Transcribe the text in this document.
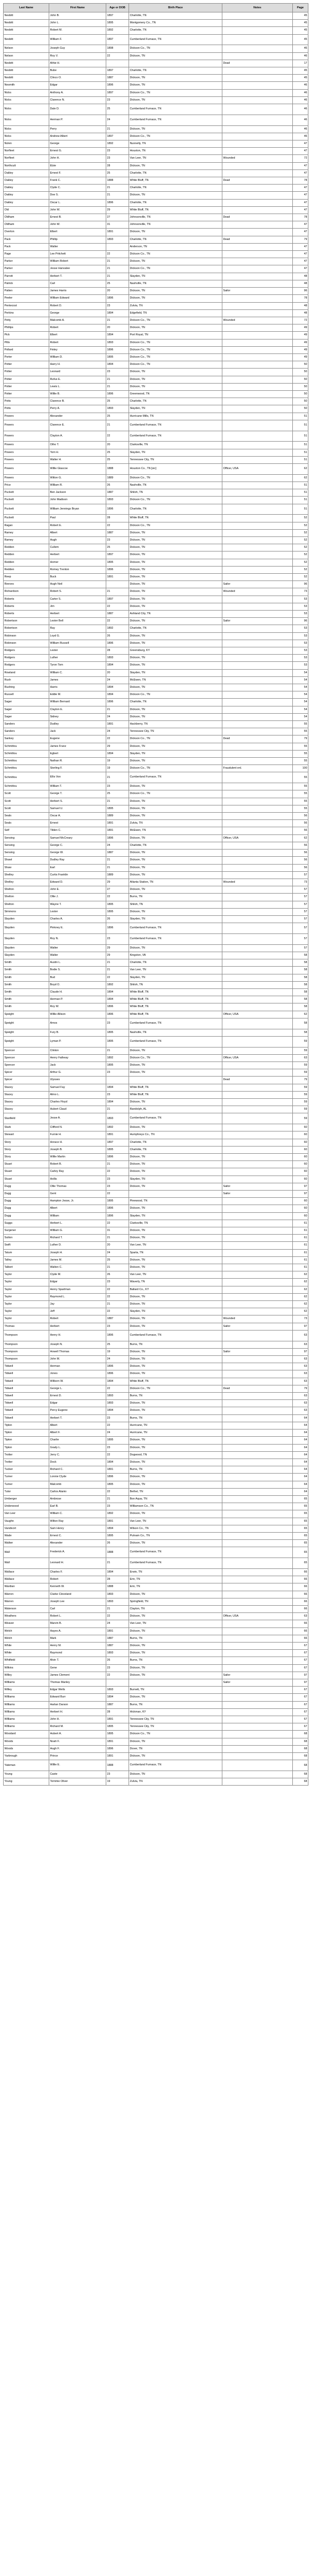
Last Name	First Name	Age or DOB	Birth Place	Notes	Page
Nesbitt	John B.	1897	Charlotte, TN		45
Nesbitt	John L.	1895	Montgomery Co., TN		45
Nesbitt	Robert M.	1892	Charlotte, TN		45
Nesbitt	William F.	1897	Cumberland Furnace, TN		45
Nelson	Joseph Guy	1898	Dickson Co., TN		46
Nelson	Roy V.	22	Dickson, TN		46
Nesbitt	Athie H.			Dead	17
Nesbitt	Bube	1897	Charlotte, TN		45
Nesbitt	Clinco O.	1887	Dickson, TN		45
Nesmith	Edgar	1896	Dickson, TN		46
Nicks	Anthony A.	1897	Dickson Co., TN		46
Nicks	Clarence N.	23	Dickson, TN		46
Nicks	Dale D.	25	Cumberland Furnace, TN		46
Nicks	Herman P.	24	Cumberland Furnace, TN		46
Nicks	Perry	21	Dickson, TN		46
Nicks	Andrew Albert	1897	Dickson Co., TN		46
Nolen	George	1892	Nunnelly, TN		47
Norfleet	Ernest G.	23	Houston, TN		47
Norfleet	John H.	23	Van Leer, TN	Wounded	72
Northcutt	Elzie	28	Dickson, TN		47
Oakley	Ernest F.	25	Charlotte, TN		47
Oakley	Frank C.	1888	White Bluff, TN	Dead	78
Oakley	Clyde C.	21	Charlotte, TN		47
Oakley	Doe S.	21	Dickson, TN		47
Oakley	Oscar L.	1896	Charlotte, TN		47
Old	John W.	29	White Bluff, TN		47
Oldham	Ernest B.	27	Johnsonville, TN	Dead	78
Oldham	John W.	31	Johnsonville, TN		47
Overton	Elbert	1891	Dickson, TN		47
Pack	Phillip	1893	Charlotte, TN	Dead	79
Pack	Walter		Anderson, TN		47
Page	Lee Pritchett	22	Dickson Co., TN		47
Parker	William Robert	21	Dickson, TN		47
Parker	Jesse Hanvalee	21	Dickson Co., TN		47
Parrott	Herbert T.	21	Slayden, TN		48
Patrick	Carl	25	Nashville, TN		48
Patten	James Harris	20	Dickson, TN	Sailor	96
Peeler	William Edward	1896	Dickson, TN		78
Pentecost	Robert D.	23	Zulvia, TN		48
Perkins	George	1894	Edgefield, TN		48
Petty	Malcomb A.	21	Dickson Co., TN	Wounded	72
Phillips	Robert	20	Dickson, TN		49
Pick	Elbert	1894	Port Royal, TN		49
Pitts	Robert	1893	Dickson Co., TN		49
Pollard	Finley	1896	Dickson Co., TN		49
Porter	William D.	1895	Dickson Co., TN		49
Potter	Harry H.	1894	Dickson Co., TN		50
Potter	Leonard	23	Dickson, TN		50
Potter	Rufus E.	21	Dickson, TN		50
Potter	Lewis L.	21	Dickson, TN		50
Potter	Willie B.	1896	Greenwood, TN		50
Potts	Clarence B.	25	Charlotte, TN		50
Potts	Perry A.	1893	Slayden, TN		50
Powers	Alexander	25	Hurricane Mills, TN		51
Powers	Clarence E.	21	Cumberland Furnace, TN		51
Powers	Clayton A.	22	Cumberland Furnace, TN		51
Powers	Otho T.	20	Clarksville, TN		51
Powers	Tom H.	25	Slayden, TN		51
Powers	Walter H.	25	Tennessee City, TN		51
Powers	Willie Glascoe	1888	Houston Co., TN [sic]	Officer, USA	62
Powers	Witton G.	1889	Dickson Co., TN		62
Price	William R.	26	Nashville, TN		51
Puckett	Ben Jackson	1887	Shiloh, TN		51
Puckett	John Madison	1893	Dickson Co., TN		51
Puckett	William Jennings Bryan	1896	Charlotte, TN		51
Puckett	Paul	28	White Bluff, TN		52
Ragan	Robert E.	22	Dickson Co., TN		52
Ramey	Albert	1887	Dickson, TN		52
Ramey	Hugh	23	Dickson, TN		52
Redden	Cullem	25	Dickson, TN		52
Redden	Herbert	1897	Dickson, TN		52
Redden	Homer	1895	Dickson, TN		52
Redden	Romey Trenton	1896	Dickson, TN		52
Reep	Buck	1891	Dickson, TN		52
Reeves	Hugh Neil		Dickson, TN	Sailor	96
Richardson	Robert S.	21	Dickson, TN	Wounded	73
Roberts	Carter S.	1897	Dickson, TN		53
Roberts	Jim	22	Dickson, TN		53
Roberts	Herbert	1887	Ashland City, TN		53
Robertson	Lester Bell	22	Dickson, TN	Sailor	96
Robertson	Ray	1892	Charlotte, TN		53
Robinson	Loyd G.	26	Dickson, TN		53
Robinson	William Russell	1896	Dickson, TN		53
Rodgers	Lester	28	Greensburg, KY		53
Rodgers	Luther	1893	Dickson, TN		53
Rodgers	Tyron Tom	1894	Dickson, TN		53
Rowland	William C.	20	Slayden, TN		54
Rush	James	24	McEwen, TN		54
Rushing	Harris	1894	Dickson, TN		54
Russell	Eddie M.	1894	Dickson Co., TN		54
Sager	William Bernard	1896	Charlotte, TN		54
Sager	Clayton E.	21	Dickson, TN		54
Sager	Sidney	24	Dickson, TN		54
Sanders	Dudley	1891	Hackberry, TN		55
Sanders	Jack	24	Tennessee City, TN		55
Sankey	Eugene	22	Dickson Co., TN	Dead	79
Schmittou	James Franz	29	Dickson, TN		55
Schmittou	Egbert	1894	Slayden, TN		55
Schmittou	Nathan R.	19	Dickson, TN		55
Schmittou	Sterling F.	19	Dickson Co., TN	Fraudulent enl.	100
Schmittou	Ellis Von	21	Cumberland Furnace, TN		55
Schmittou	William T.	23	Dickson, TN		55
Scott	George T.	25	Dickson Co., TN		55
Scott	Herbert S.	21	Dickson, TN		55
Scott	Samuel U.	1895	Dickson, TN		55
Seals	Oscar A.	1889	Dickson, TN		56
Seals	Ernest	1891	Zulvia, TN		56
Self	Tilden C.	1891	McEwen, TN		56
Sensing	Samuel McCreary	1896	Dickson, TN	Officer, USA	62
Sensing	George C.	24	Charlotte, TN		56
Sensing	George W.	1887	Dickson, TN		56
Shawl	Dudley Ray	21	Dickson, TN		56
Shaw	Earl	21	Dickson, TN		56
Shelley	Curtis Franklin	1889	Dickson, TN		57
Shelley	Edward D.	29	Atlanta Station, TN	Wounded	73
Shelton	John E.	27	Dickson, TN		57
Shelton	Ollie J.	22	Burns, TN		57
Shelton	Wayne T.	1895	Shiloh, TN		57
Simmons	Lester	1895	Dickson, TN		57
Slayden	Charles A.	26	Slayden, TN		57
Slayden	Pinkney E.	1896	Cumberland Furnace, TN		57
Slayden	Roy N.	23	Cumberland Furnace, TN		57
Slayden	Walter	29	Dickson, TN		57
Slayden	Walter	29	Kingston, VA		58
Smith	Austin L.	21	Charlotte, TN		58
Smith	Bodie S.	21	Van Leer, TN		58
Smith	Bud	22	Slayden, TN		58
Smith	Boyd O.	1892	Shiloh, TN		58
Smith	Claude H.	1894	White Bluff, TN		58
Smith	Herman P.	1894	White Bluff, TN		58
Smith	Roy W.	1896	White Bluff, TN		58
Speight	Willie Allison	1896	White Bluff, TN	Officer, USA	62
Speight	Amos	23	Cumberland Furnace, TN		58
Speight	Fury B.	1895	Nashville, TN		58
Speight	Lyman P.	1895	Cumberland Furnace, TN		59
Spencer	Clinton	21	Dickson, TN		59
Spencer	Henry Fatheay	1892	Dickson Co., TN	Officer, USA	63
Spencer	Jack	1895	Dickson, TN		59
Spicer	Arthur G.	23	Dickson, TN		59
Spicer	Ulysses			Dead	79
Stacey	Samuel Fay	1894	White Bluff, TN		59
Stacey	Almo L.	23	White Bluff, TN		59
Stacey	Charles Floyd	1894	Dickson, TN		59
Stacey	Hubert Claud	21	Randolph, AL		59
Stanfield	Jesse A.	1893	Cumberland Furnace, TN		59
Stark	Clifford N.	1892	Dickson, TN		60
Stewart	Furnie H.	1891	Humphreys Co., TN		60
Story	Horace H.	1897	Charlotte, TN		60
Story	Joseph B.	1895	Charlotte, TN		60
Story	Willie Martin	1896	Dickson, TN		60
Stuart	Robert B.	21	Dickson, TN		60
Stuart	Carley Ray	22	Dickson, TN		60
Stuart	Hollis	23	Slayden, TN		60
Dugg	Ollie Thomas	23	Dickson, TN	Sailor	97
Dugg	Gent	22		Sailor	97
Dugg	Hampton Jesse, Jr.	1895	Pinewood, TN		60
Dugg	Albert	1896	Dickson, TN		60
Dugg	William	1896	Slayden, TN		60
Suggs	Herbert L.	22	Clarksville, TN		61
Surgener	William G.	31	Dickson, TN		61
Sutton	Richard T.	21	Dickson, TN		61
Swift	Luther D.	20	Van Leer, TN		61
Tatum	Joseph H.	24	Sparta, TN		61
Talley	James M.	25	Dickson, TN		61
Talbert	Walton C.	21	Dickson, TN		61
Taylor	Clyde M.	26	Van Leer, TN		62
Taylor	Edgar	23	Waverly, TN		62
Taylor	Henry Spartman	22	Ballard Co., KY		62
Taylor	Raymond L.	22	Dickson, TN		62
Taylor	Jay	21	Dickson, TN		62
Taylor	Jeff	22	Slayden, TN		62
Taylor	Robert	1887	Dickson, TN	Wounded	73
Thomas	Herbert	23	Dickson, TN	Sailor	97
Thompson	Henry H.	1896	Cumberland Furnace, TN		63
Thompson	Joseph N.	25	Burns, TN		63
Thompson	Howell Thomas	19	Dickson, TN	Sailor	97
Thompson	John M.	24	Dickson, TN		63
Tidwell	Herman	1896	Dickson, TN		63
Tidwell	Jones	1896	Dickson, TN		63
Tidwell	Wilborn W.	1894	White Bluff, TN		63
Tidwell	George L.	22	Dickson Co., TN	Dead	79
Tidwell	Ernest D.	1893	Burns, TN		63
Tidwell	Edgar	1893	Dickson, TN		63
Tidwell	Percy Eugene	1894	Dickson, TN		63
Tidwell	Herbert T.	23	Burns, TN		64
Tipton	Albert	22	Hurricane, TN		64
Tipton	Albert F.	24	Hurricane, TN		64
Tipton	Charlie	1895	Dickson, TN		64
Tipton	Grady L.	23	Dickson, TN		64
Trotter	Jerry C.	22	Dogwood, TN		64
Trotter	Dock	1894	Dickson, TN		64
Tucker	Richard C.	1891	Burns, TN		64
Turner	Lonnie Clyde	1896	Dickson, TN		64
Turner	Malcomb	1895	Dickson, TN		64
Tutor	Carlos Alanio	22	Bethel, TN		64
Umberger	Ambrose	21	Bon Aqua, TN		65
Underwood	Earl B.	23	Williamson Co., TN		65
Van Leer	William C.	1892	Dickson, TN		65
Vaughn	Wilton Ray	1891	Van Leer, TN		65
Vandivort	Sam Henry	1894	Wilson Co., TN		65
Wade	Ernest C.	1895	Putnam Co., TN		65
Walker	Alexander	26	Dickson, TN		65
Wall	Frederick A.	1888	Cumberland Furnace, TN		65
Wall	Leonard H.	21	Cumberland Furnace, TN		65
Wallace	Charles F.	1894	Erwin, TN		66
Wallace	Robert	28	Erin, TN		66
Wardian	Kenneth W.	1888	Erin, TN		66
Warren	Clarke Cleveland	1893	Dickson, TN		66
Warren	Joseph Lee	1893	Springfield, TN		66
Waterson	Carl	21	Clayton, TN		66
Weathers	Robert L.	22	Dickson, TN	Officer, USA	63
Weaver	Marvin B.	24	Van Leer, TN		66
Welch	Hayes A.	1891	Dickson, TN		66
Welch	Mark	1887	Burns, TN		66
White	Henry M.	1887	Dickson, TN		67
White	Raymond	1893	Dickson, TN		67
Whitfield	Alvin T.	26	Burns, TN		67
Wilkins	Gene	23	Dickson, TN		67
Willey	James Clement	22	Dickson, TN	Sailor	97
Williams	Thomas Manley			Sailor	97
Willey	Edgar Wells	1893	Burnett, TN		67
Williams	Edward Burr	1894	Dickson, TN		67
Williams	Harlan Darson	1887	Burns, TN		67
Williams	Herbert H.	28	Hickman, KY		67
Williams	John H.	1891	Tennessee City, TN		67
Williams	Richard M.	1895	Tennessee City, TN		67
Woodard	Hubert A.	1895	Dickson Co., TN		68
Woods	Noah F.	1891	Dickson, TN		68
Woods	Hugh F.	1896	Dover, TN		68
Yarbrough	Prince	1891	Dickson, TN		68
Yateman	Willie E.	1888	Cumberland Furnace, TN		68
Young	Caste	23	Dickson, TN		68
Young	Tommie Oliver	19	Zulvia, TN		68
